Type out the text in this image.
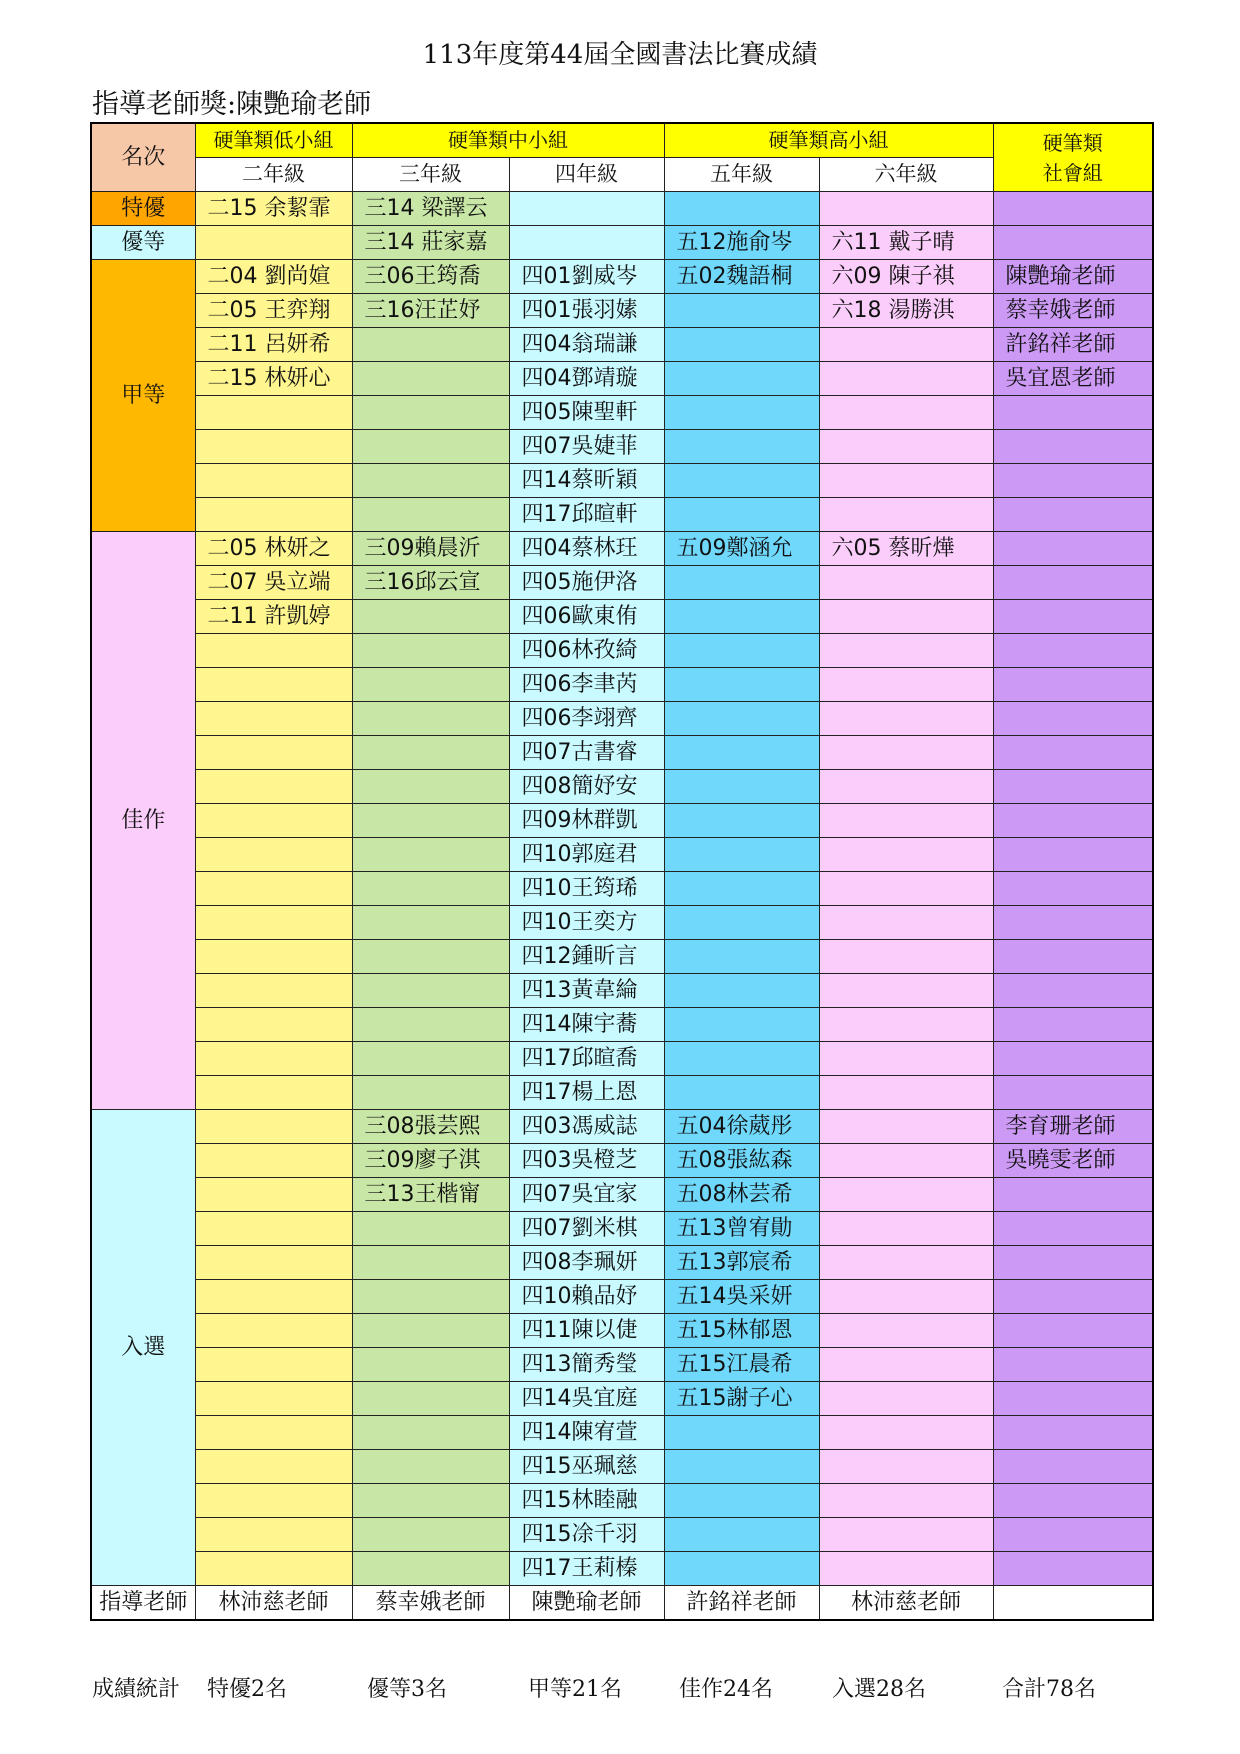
113年度第44屆全國書法比賽成績
指導老師獎:陳艷瑜老師
名次	硬筆類低小組	硬筆類中小組		硬筆類高小組		硬筆類
社會組
	二年級	三年級	四年級	五年級	六年級	
特優	二15 余絜霏	三14 梁譯云				
優等		三14 莊家嘉		五12施俞岑	六11 戴子晴	
甲等	二04 劉尚媗	三06王筠喬	四01劉威岑	五02魏語桐	六09 陳子祺	陳艷瑜老師
	二05 王弈翔	三16汪芷妤	四01張羽嫊		六18 湯勝淇	蔡幸娥老師
	二11 呂妍希		四04翁瑞謙			許銘祥老師
	二15 林妍心		四04鄧靖璇			吳宜恩老師
			四05陳聖軒			
			四07吳婕菲			
			四14蔡昕穎			
			四17邱暄軒			
佳作	二05 林妍之	三09賴晨沂	四04蔡林玨	五09鄭涵允	六05 蔡昕燁	
	二07 吳立端	三16邱云宣	四05施伊洛			
	二11 許凱婷		四06歐東侑			
			四06林孜綺			
			四06李聿芮			
			四06李翊齊			
			四07古書睿			
			四08簡妤安			
			四09林群凱			
			四10郭庭君			
			四10王筠琋			
			四10王奕方			
			四12鍾昕言			
			四13黃韋綸			
			四14陳宇蕎			
			四17邱暄喬			
			四17楊上恩			
入選		三08張芸熙	四03馮威誌	五04徐葳彤		李育珊老師
		三09廖子淇	四03吳橙芝	五08張紘森		吳曉雯老師
		三13王楷甯	四07吳宜家	五08林芸希		
			四07劉米棋	五13曾宥勛		
			四08李珮妍	五13郭宸希		
			四10賴品妤	五14吳采妍		
			四11陳以倢	五15林郁恩		
			四13簡秀瑩	五15江晨希		
			四14吳宜庭	五15謝子心		
			四14陳宥萱			
			四15巫珮慈			
			四15林睦融			
			四15凃千羽			
			四17王莉榛			
指導老師	林沛慈老師	蔡幸娥老師	陳艷瑜老師	許銘祥老師	林沛慈老師	
成績統計 特優2名	優等3名	甲等21名	佳作24名	入選28名	合計78名
